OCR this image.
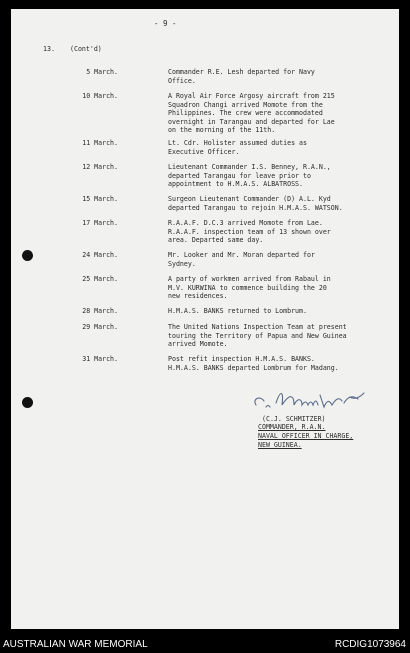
- 9 -
13. (Cont'd)
5 March.	Commander R.E. Lesh departed for Navy
Office.
10 March.	A Royal Air Force Argosy aircraft from 215
Squadron Changi arrived Momote from the
Philippines. The crew were accommodated
overnight in Tarangau and departed for Lae
on the morning of the 11th.
11 March.	Lt. Cdr. Holister assumed duties as
Executive Officer.
12 March.	Lieutenant Commander I.S. Benney, R.A.N.,
departed Tarangau for leave prior to
appointment to H.M.A.S. ALBATROSS.
15 March.	Surgeon Lieutenant Commander (D) A.L. Kyd
departed Tarangau to rejoin H.M.A.S. WATSON.
17 March.	R.A.A.F. D.C.3 arrived Momote from Lae.
R.A.A.F. inspection team of 13 shown over
area. Departed same day.
24 March.	Mr. Looker and Mr. Moran departed for
Sydney.
25 March.	A party of workmen arrived from Rabaul in
M.V. KURWINA to commence building the 20
new residences.
28 March.	H.M.A.S. BANKS returned to Lombrum.
29 March.	The United Nations Inspection Team at present
touring the Territory of Papua and New Guinea
arrived Momote.
31 March.	Post refit inspection H.M.A.S. BANKS.
H.M.A.S. BANKS departed Lombrum for Madang.
(C.J. SCHMITZER)
COMMANDER, R.A.N.
NAVAL OFFICER IN CHARGE,
NEW GUINEA.
AUSTRALIAN WAR MEMORIAL	RCDIG1073964
